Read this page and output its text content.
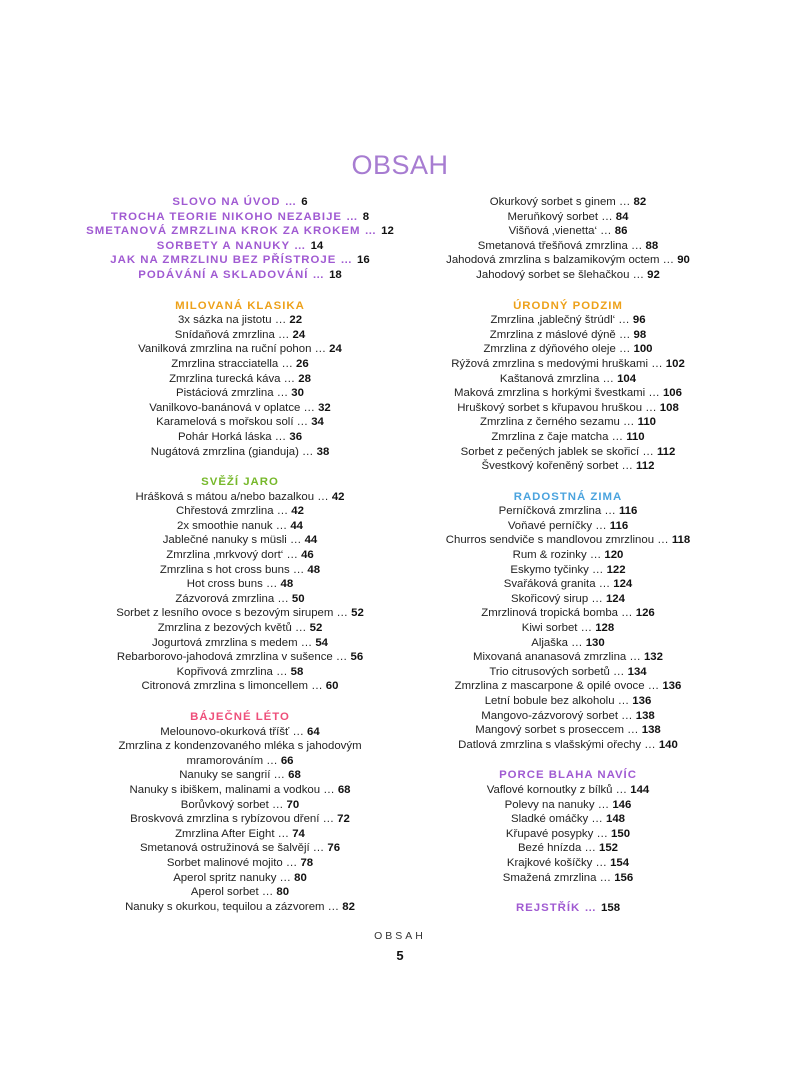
OBSAH
SLOVO NA ÚVOD … 6
TROCHA TEORIE NIKOHO NEZABIJE … 8
SMETANOVÁ ZMRZLINA KROK ZA KROKEM … 12
SORBETY A NANUKY … 14
JAK NA ZMRZLINU BEZ PŘÍSTROJE … 16
PODÁVÁNÍ A SKLADOVÁNÍ … 18
MILOVANÁ KLASIKA
3x sázka na jistotu … 22
Snídaňová zmrzlina … 24
Vanilková zmrzlina na ruční pohon … 24
Zmrzlina stracciatella … 26
Zmrzlina turecká káva … 28
Pistáciová zmrzlina … 30
Vanilkovo-banánová v oplatce … 32
Karamelová s mořskou solí … 34
Pohár Horká láska … 36
Nugátová zmrzlina (gianduja) … 38
SVĚŽÍ JARO
Hrášková s mátou a/nebo bazalkou … 42
Chřestová zmrzlina … 42
2x smoothie nanuk … 44
Jablečné nanuky s müsli … 44
Zmrzlina ‚mrkvový dort‘ … 46
Zmrzlina s hot cross buns … 48
Hot cross buns … 48
Zázvorová zmrzlina … 50
Sorbet z lesního ovoce s bezovým sirupem … 52
Zmrzlina z bezových květů … 52
Jogurtová zmrzlina s medem … 54
Rebarborovo-jahodová zmrzlina v sušence … 56
Kopřivová zmrzlina … 58
Citronová zmrzlina s limoncellem … 60
BÁJEČNÉ LÉTO
Melounovo-okurková tříšť … 64
Zmrzlina z kondenzovaného mléka s jahodovým
mramorováním … 66
Nanuky se sangrií … 68
Nanuky s ibiškem, malinami a vodkou … 68
Borůvkový sorbet … 70
Broskvová zmrzlina s rybízovou dření … 72
Zmrzlina After Eight … 74
Smetanová ostružinová se šalvějí … 76
Sorbet malinové mojito … 78
Aperol spritz nanuky … 80
Aperol sorbet … 80
Nanuky s okurkou, tequilou a zázvorem … 82
Okurkový sorbet s ginem … 82
Meruňkový sorbet … 84
Višňová ‚vienetta‘ … 86
Smetanová třešňová zmrzlina … 88
Jahodová zmrzlina s balzamikovým octem … 90
Jahodový sorbet se šlehačkou … 92
ÚRODNÝ PODZIM
Zmrzlina ‚jablečný štrúdl‘ … 96
Zmrzlina z máslové dýně … 98
Zmrzlina z dýňového oleje … 100
Rýžová zmrzlina s medovými hruškami … 102
Kaštanová zmrzlina … 104
Maková zmrzlina s horkými švestkami … 106
Hruškový sorbet s křupavou hruškou … 108
Zmrzlina z černého sezamu … 110
Zmrzlina z čaje matcha … 110
Sorbet z pečených jablek se skořicí … 112
Švestkový kořeněný sorbet … 112
RADOSTNÁ ZIMA
Perníčková zmrzlina … 116
Voňavé perníčky … 116
Churros sendviče s mandlovou zmrzlinou … 118
Rum & rozinky … 120
Eskymo tyčinky … 122
Svařáková granita … 124
Skořicový sirup … 124
Zmrzlinová tropická bomba … 126
Kiwi sorbet … 128
Aljaška … 130
Mixovaná ananasová zmrzlina … 132
Trio citrusových sorbetů … 134
Zmrzlina z mascarpone & opilé ovoce … 136
Letní bobule bez alkoholu … 136
Mangovo-zázvorový sorbet … 138
Mangový sorbet s proseccem … 138
Datlová zmrzlina s vlašskými ořechy … 140
PORCE BLAHA NAVÍC
Vaflové kornoutky z bílků … 144
Polevy na nanuky … 146
Sladké omáčky … 148
Křupavé posypky … 150
Bezé hnízda … 152
Krajkové košíčky … 154
Smažená zmrzlina … 156
REJSTŘÍK … 158
OBSAH
5
